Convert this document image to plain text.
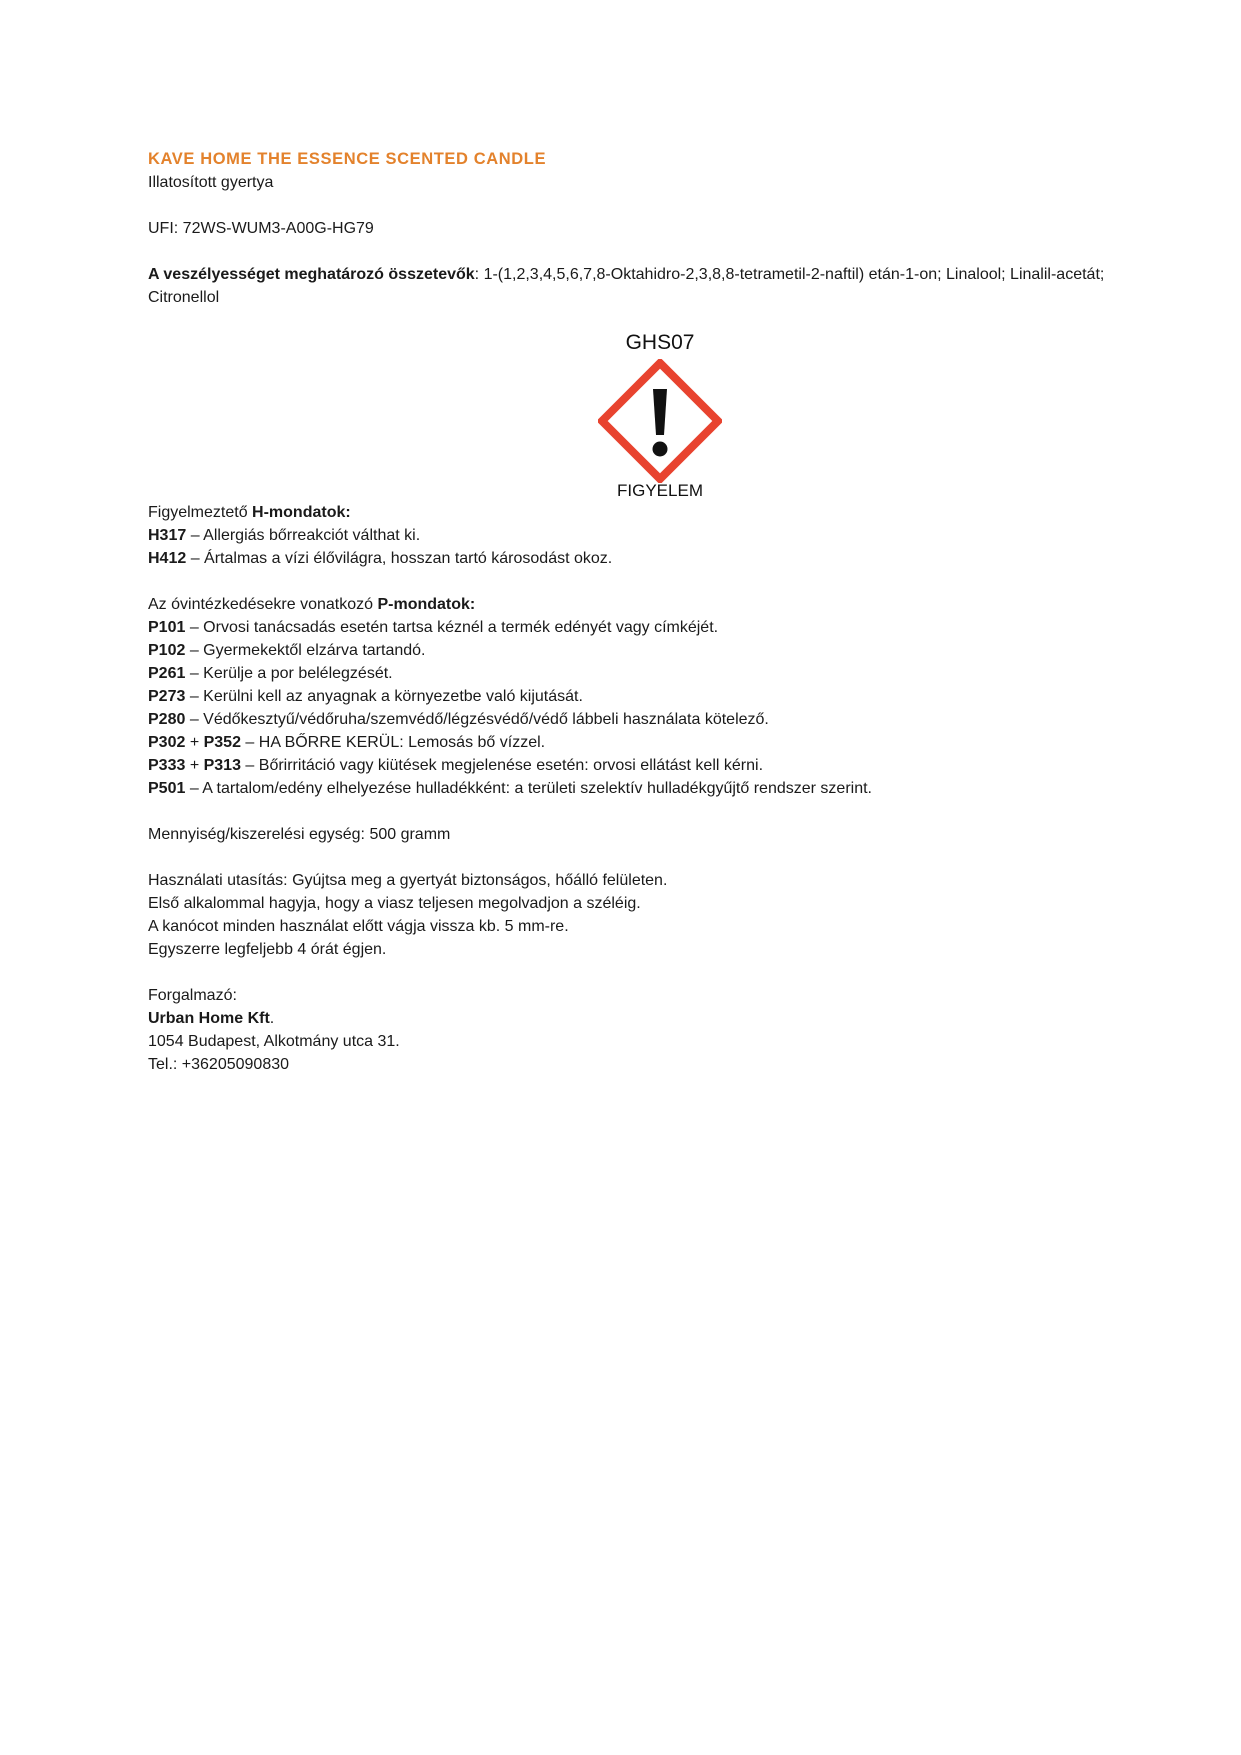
KAVE HOME THE ESSENCE SCENTED CANDLE

Illatosított gyertya

UFI: 72WS-WUM3-A00G-HG79

A veszélyességet meghatározó összetevők: 1-(1,2,3,4,5,6,7,8-Oktahidro-2,3,8,8-tetrametil-2-naftil) etán-1-on; Linalool; Linalil-acetát; Citronellol

GHS07
FIGYELEM

Figyelmeztető H-mondatok:

H317 – Allergiás bőrreakciót válthat ki.

H412 – Ártalmas a vízi élővilágra, hosszan tartó károsodást okoz.

Az óvintézkedésekre vonatkozó P-mondatok:

P101 – Orvosi tanácsadás esetén tartsa kéznél a termék edényét vagy címkéjét.

P102 – Gyermekektől elzárva tartandó.

P261 – Kerülje a por belélegzését.

P273 – Kerülni kell az anyagnak a környezetbe való kijutását.

P280 – Védőkesztyű/védőruha/szemvédő/légzésvédő/védő lábbeli használata kötelező.

P302 + P352 – HA BŐRRE KERÜL: Lemosás bő vízzel.

P333 + P313 – Bőrirritáció vagy kiütések megjelenése esetén: orvosi ellátást kell kérni.

P501 – A tartalom/edény elhelyezése hulladékként: a területi szelektív hulladékgyűjtő rendszer szerint.

Mennyiség/kiszerelési egység: 500 gramm

Használati utasítás: Gyújtsa meg a gyertyát biztonságos, hőálló felületen.

Első alkalommal hagyja, hogy a viasz teljesen megolvadjon a széléig.

A kanócot minden használat előtt vágja vissza kb. 5 mm-re.

Egyszerre legfeljebb 4 órát égjen.

Forgalmazó:

Urban Home Kft.

1054 Budapest, Alkotmány utca 31.

Tel.: +36205090830
